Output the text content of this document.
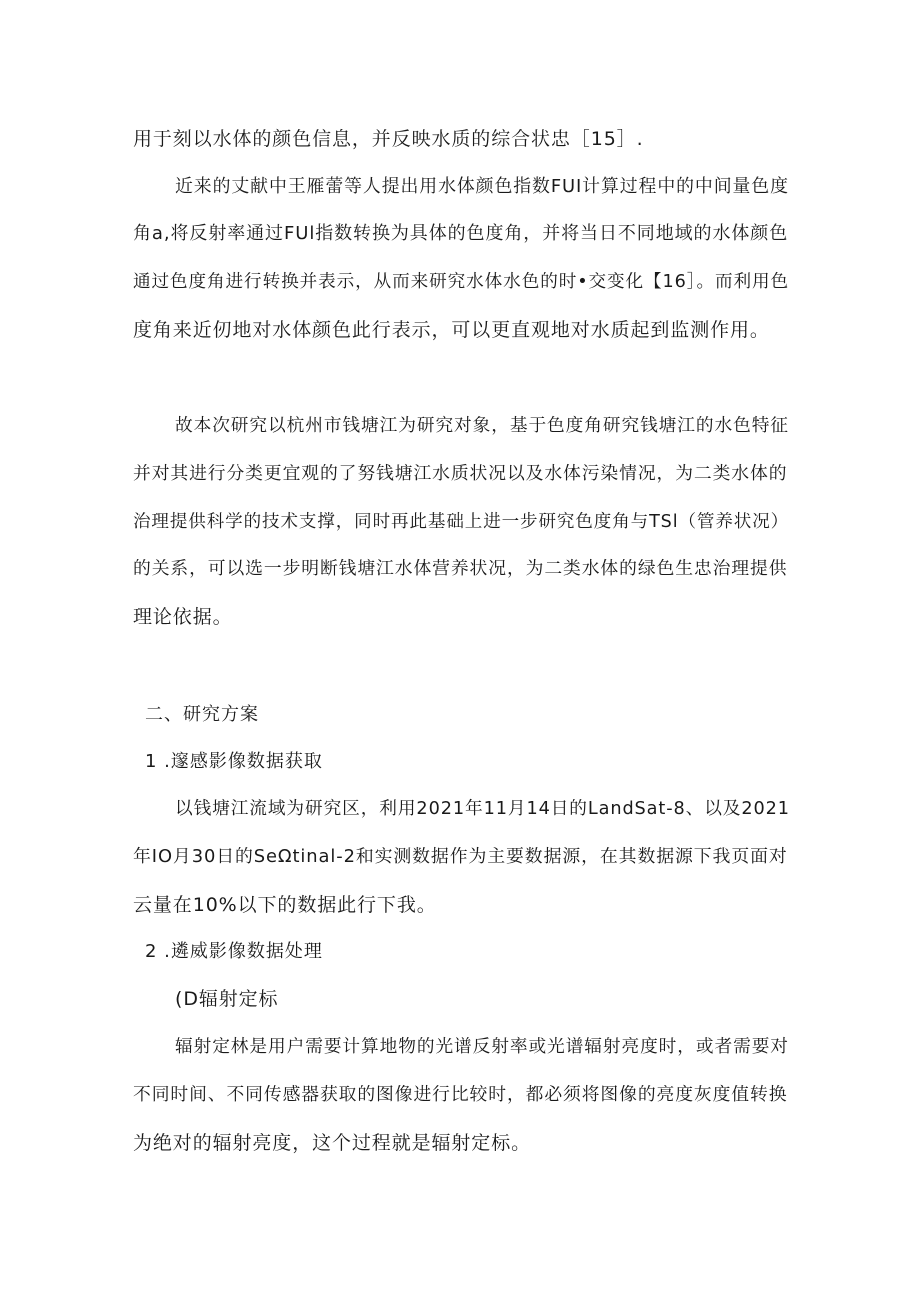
用于刻以水体的颜色信息，并反映水质的综合状忠［15］.
近来的丈献中王雁蕾等人提出用水体颜色指数FUI计算过程中的中间量色度
角a,将反射率通过FUl指数转换为具体的色度角，并将当日不同地域的水体颜色
通过色度角进行转换并表示，从而来研究水体水色的时•交变化【16］。而利用色
度角来近仞地对水体颜色此行表示，可以更直观地对水质起到监测作用。
故本次研究以杭州市钱塘江为研究对象，基于色度角研究钱塘江的水色特征
并对其进行分类更宜观的了努钱塘江水质状况以及水体污染情况，为二类水体的
治理提供科学的技术支撑，同时再此基础上进一步研究色度角与TSl（管养状况）
的关系，可以选一步明断钱塘江水体营养状况，为二类水体的绿色生忠治理提供
理论依据。
二、研究方案
1 .邃感影像数据获取
以钱塘江流域为研究区，利用2021年11月14日的LandSat-8、以及2021
年IO月30日的SeΩtinal-2和实测数据作为主要数据源，在其数据源下我页面对
云量在10%以下的数据此行下我。
2 .遴威影像数据处理
(D辐射定标
辐射定林是用户需要计算地物的光谱反射率或光谱辐射亮度时，或者需要对
不同时间、不同传感器获取的图像进行比较时，都必须将图像的亮度灰度值转换
为绝对的辐射亮度，这个过程就是辐射定标。
